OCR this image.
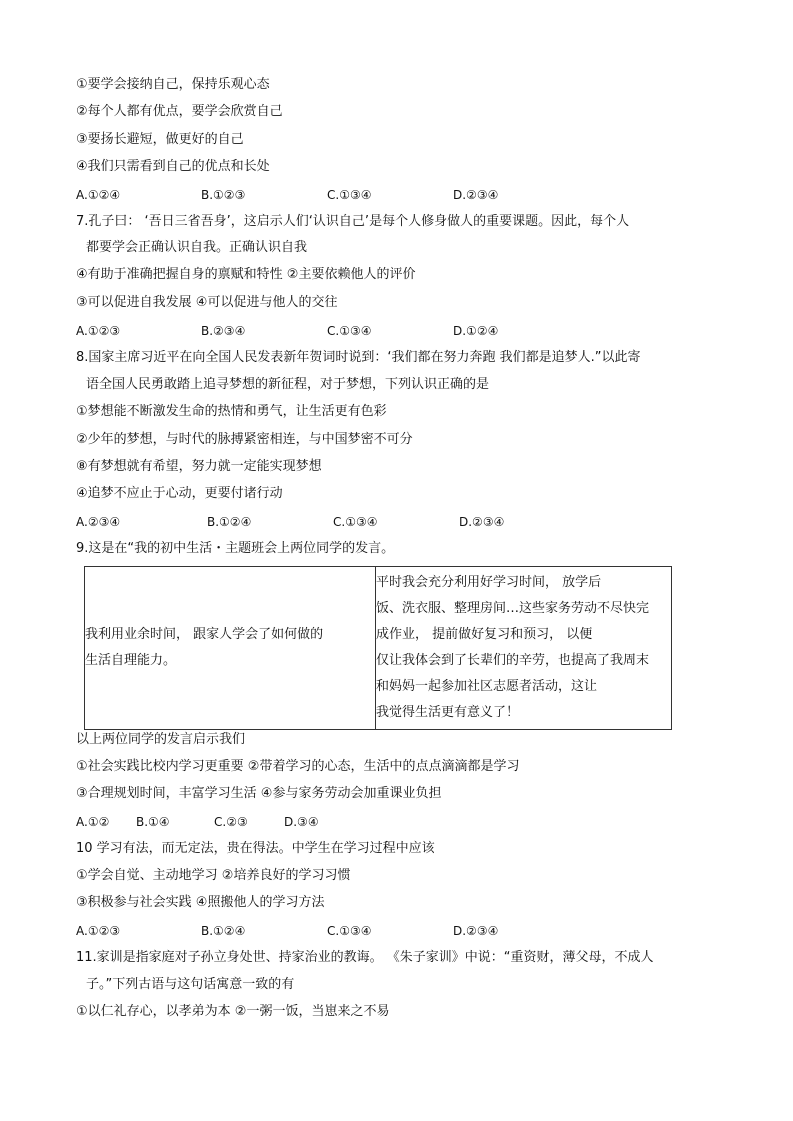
①要学会接纳自己，保持乐观心态
②每个人都有优点，要学会欣赏自己
③要扬长避短，做更好的自己
④我们只需看到自己的优点和长处
A.①②④	B.①②③	C.①③④	D.②③④
7.孔子曰： ‘吾日三省吾身’，这启示人们‘认识自己’是每个人修身做人的重要课题。因此，每个人
都要学会正确认识自我。正确认识自我
④有助于准确把握自身的禀赋和特性 ②主要依赖他人的评价
③可以促进自我发展 ④可以促进与他人的交往
A.①②③	B.②③④	C.①③④	D.①②④
8.国家主席习近平在向全国人民发表新年贺词时说到：‘我们都在努力奔跑 我们都是追梦人.”以此寄
语全国人民勇敢踏上追寻梦想的新征程，对于梦想，下列认识正确的是
①梦想能不断激发生命的热情和勇气，让生活更有色彩
②少年的梦想，与时代的脉搏紧密相连，与中国梦密不可分
⑧有梦想就有希望，努力就一定能实现梦想
④追梦不应止于心动，更要付诸行动
A.②③④	B.①②④	C.①③④	D.②③④
9.这是在“我的初中生活・主题班会上两位同学的发言。
我利用业余时间， 跟家人学会了如何做的
生活自理能力。

平时我会充分利用好学习时间， 放学后
饭、洗衣服、整理房间…这些家务劳动不尽快完
成作业， 提前做好复习和预习， 以便
仅让我体会到了长辈们的辛劳，也提高了我周末
和妈妈一起参加社区志愿者活动，这让
我觉得生活更有意义了！
以上两位同学的发言启示我们
①社会实践比校内学习更重要 ②带着学习的心态，生活中的点点滴滴都是学习
③合理规划时间，丰富学习生活 ④参与家务劳动会加重课业负担
A.①② B.①④	C.②③	D.③④
10 学习有法，而无定法，贵在得法。中学生在学习过程中应该
①学会自觉、主动地学习 ②培养良好的学习习惯
③积极参与社会实践 ④照搬他人的学习方法
A.①②③	B.①②④	C.①③④	D.②③④
11.家训是指家庭对子孙立身处世、持家治业的教诲。 《朱子家训》中说：“重资财，薄父母，不成人
子。”下列古语与这句话寓意一致的有
①以仁礼存心，以孝弟为本 ②一粥一饭，当崽来之不易
